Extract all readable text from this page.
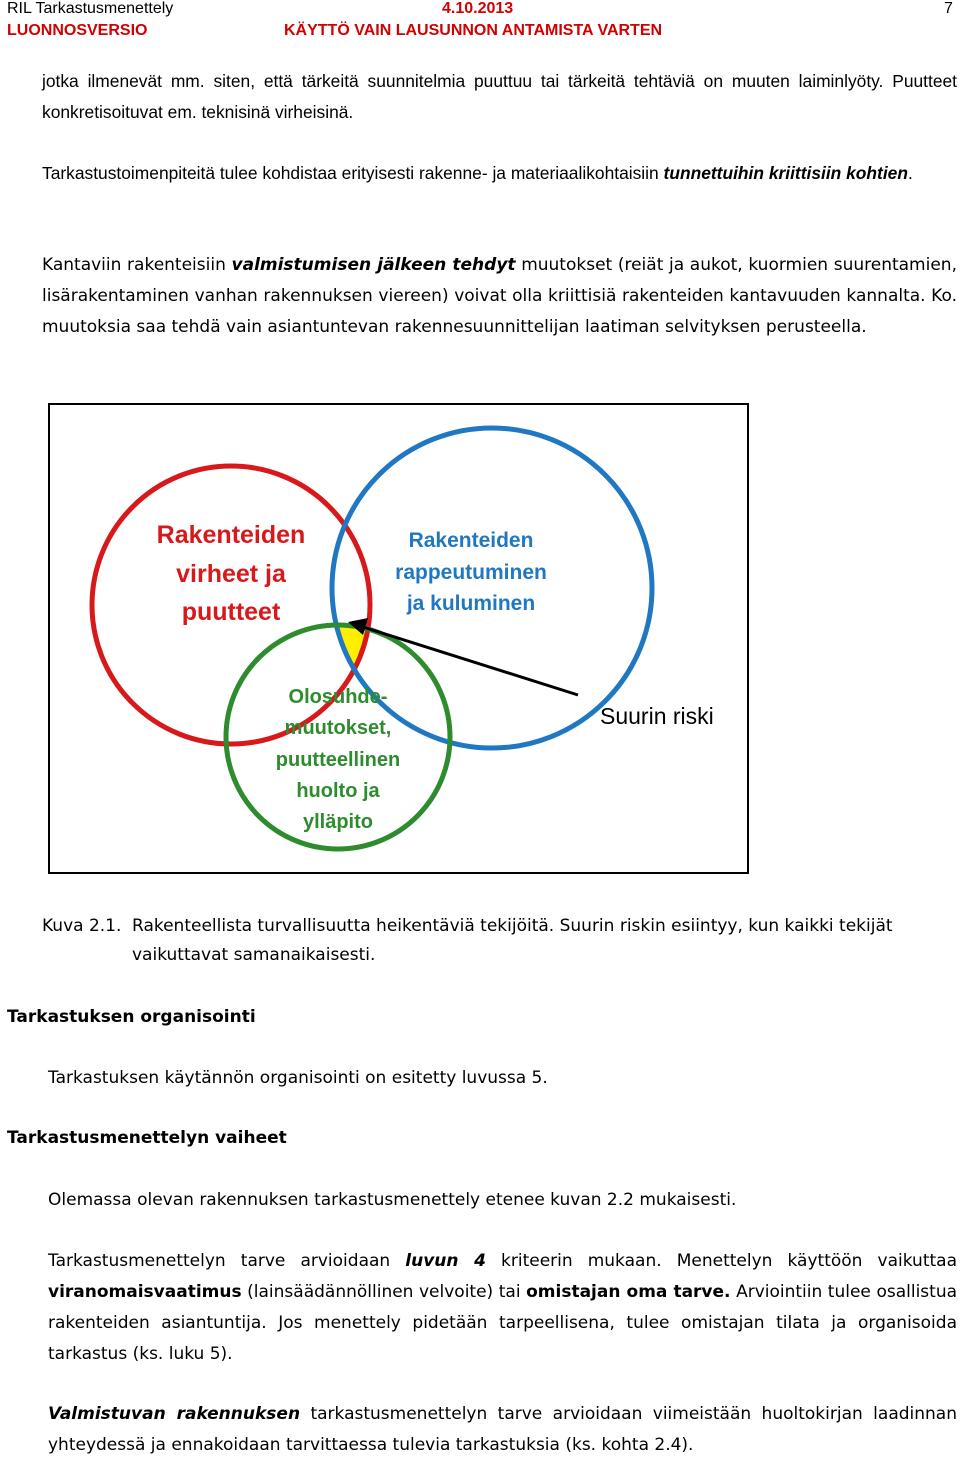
RIL Tarkastusmenettely	4.10.2013	7
LUONNOSVERSIO	KÄYTTÖ VAIN LAUSUNNON ANTAMISTA VARTEN

jotka ilmenevät mm. siten, että tärkeitä suunnitelmia puuttuu tai tärkeitä tehtäviä on muuten laiminlyöty. Puutteet konkretisoituvat em. teknisinä virheisinä.

Tarkastustoimenpiteitä tulee kohdistaa erityisesti rakenne- ja materiaalikohtaisiin tunnettuihin kriittisiin kohtien.

Kantaviin rakenteisiin valmistumisen jälkeen tehdyt muutokset (reiät ja aukot, kuormien suurentamien, lisärakentaminen vanhan rakennuksen viereen) voivat olla kriittisiä rakenteiden kantavuuden kannalta. Ko. muutoksia saa tehdä vain asiantuntevan rakennesuunnittelijan laatiman selvityksen perusteella.

Rakenteiden
virheet ja
puutteet
Rakenteiden
rappeutuminen
ja kuluminen
Olosuhde-
muutokset,
puutteellinen
huolto ja
ylläpito
Suurin riski

Kuva 2.1. Rakenteellista turvallisuutta heikentäviä tekijöitä. Suurin riskin esiintyy, kun kaikki tekijät

vaikuttavat samanaikaisesti.

Tarkastuksen organisointi

Tarkastuksen käytännön organisointi on esitetty luvussa 5.

Tarkastusmenettelyn vaiheet

Olemassa olevan rakennuksen tarkastusmenettely etenee kuvan 2.2 mukaisesti.

Tarkastusmenettelyn tarve arvioidaan luvun 4 kriteerin mukaan. Menettelyn käyttöön vaikuttaa viranomaisvaatimus (lainsäädännöllinen velvoite) tai omistajan oma tarve. Arviointiin tulee osallistua rakenteiden asiantuntija. Jos menettely pidetään tarpeellisena, tulee omistajan tilata ja organisoida tarkastus (ks. luku 5).

Valmistuvan rakennuksen tarkastusmenettelyn tarve arvioidaan viimeistään huoltokirjan laadinnan yhteydessä ja ennakoidaan tarvittaessa tulevia tarkastuksia (ks. kohta 2.4).
